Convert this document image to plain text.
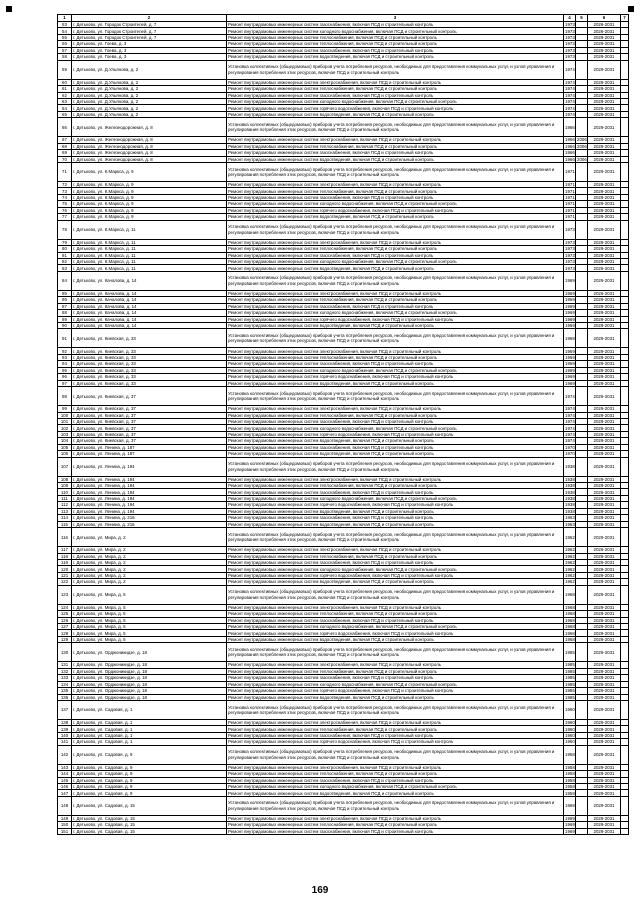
1	2	3	4	5	6	7
53	г. Детьково, ул. Городок Строителей, д. 7	Ремонт внутридомовых инженерных систем газоснабжения, включая ПСД и строительный контроль	1973		2026-2031	
54	г. Детьково, ул. Городок Строителей, д. 7	Ремонт внутридомовых инженерных систем холодного водоснабжения, включая ПСД и строительный контроль	1973		2026-2031	
55	г. Детьково, ул. Городок Строителей, д. 7	Ремонт внутридомовых инженерных систем теплоснабжения, включая ПСД и строительный контроль	1973		2029-2031	
56	г. Детьково, ул. Гоева, д. 3	Ремонт внутридомовых инженерных систем теплоснабжения, включая ПСД и строительный контроль	1973		2029-2031	
57	г. Детьково, ул. Гоева, д. 3	Ремонт внутридомовых инженерных систем газоснабжения, включая ПСД и строительный контроль	1973		2029-2031	
58	г. Детьково, ул. Гоева, д. 3	Ремонт внутридомовых инженерных систем водоотведения, включая ПСД и строительный контроль	1973		2029-2031	
59	г. Детьково, ул. Д.Ульянова, д. 2	Установка коллективных (общедомовых) приборов учета потребления ресурсов, необходимых для предоставления коммунальных услуг, и узлов управления и регулирования потребления этих ресурсов, включая ПСД и строительный контроль	1974		2029-2031	
60	г. Детьково, ул. Д.Ульянова, д. 2	Ремонт внутридомовых инженерных систем электроснабжения, включая ПСД и строительный контроль	1974		2029-2031	
61	г. Детьково, ул. Д.Ульянова, д. 2	Ремонт внутридомовых инженерных систем теплоснабжения, включая ПСД и строительный контроль	1974		2029-2031	
62	г. Детьково, ул. Д.Ульянова, д. 2	Ремонт внутридомовых инженерных систем газоснабжения, включая ПСД и строительный контроль	1974		2029-2031	
63	г. Детьково, ул. Д.Ульянова, д. 2	Ремонт внутридомовых инженерных систем холодного водоснабжения, включая ПСД и строительный контроль	1974		2029-2031	
64	г. Детьково, ул. Д.Ульянова, д. 2	Ремонт внутридомовых инженерных систем горячего водоснабжения, включая ПСД и строительный контроль	1974		2029-2031	
65	г. Детьково, ул. Д.Ульянова, д. 2	Ремонт внутридомовых инженерных систем водоотведения, включая ПСД и строительный контроль	1974		2029-2031	
66	г. Детьково, ул. Железнодорожная, д. 8	Установка коллективных (общедомовых) приборов учета потребления ресурсов, необходимых для предоставления коммунальных услуг, и узлов управления и регулирования потребления этих ресурсов, включая ПСД и строительный контроль	1966		2029-2031	
67	г. Детьково, ул. Железнодорожная, д. 8	Ремонт внутридомовых инженерных систем электроснабжения, включая ПСД и строительный контроль	1966	2006	2029-2031	
68	г. Детьково, ул. Железнодорожная, д. 8	Ремонт внутридомовых инженерных систем теплоснабжения, включая ПСД и строительный контроль	1966	2006	2029-2031	
69	г. Детьково, ул. Железнодорожная, д. 8	Ремонт внутридомовых инженерных систем газоснабжения, включая ПСД и строительный контроль	1966		2029-2031	
70	г. Детьково, ул. Железнодорожная, д. 8	Ремонт внутридомовых инженерных систем водоотведения, включая ПСД и строительный контроль	1966	2006	2029-2031	
71	г. Детьково, ул. К.Маркса, д. 9	Установка коллективных (общедомовых) приборов учета потребления ресурсов, необходимых для предоставления коммунальных услуг, и узлов управления и регулирования потребления этих ресурсов, включая ПСД и строительный контроль	1971		2029-2031	
72	г. Детьково, ул. К.Маркса, д. 9	Ремонт внутридомовых инженерных систем электроснабжения, включая ПСД и строительный контроль	1971		2029-2031	
73	г. Детьково, ул. К.Маркса, д. 9	Ремонт внутридомовых инженерных систем теплоснабжения, включая ПСД и строительный контроль	1971		2029-2031	
74	г. Детьково, ул. К.Маркса, д. 9	Ремонт внутридомовых инженерных систем газоснабжения, включая ПСД и строительный контроль	1971		2029-2031	
75	г. Детьково, ул. К.Маркса, д. 9	Ремонт внутридомовых инженерных систем холодного водоснабжения, включая ПСД и строительный контроль	1971		2029-2031	
76	г. Детьково, ул. К.Маркса, д. 9	Ремонт внутридомовых инженерных систем горячего водоснабжения, включая ПСД и строительный контроль	1971		2029-2031	
77	г. Детьково, ул. К.Маркса, д. 9	Ремонт внутридомовых инженерных систем водоотведения, включая ПСД и строительный контроль	1971		2029-2031	
78	г. Детьково, ул. К.Маркса, д. 11	Установка коллективных (общедомовых) приборов учета потребления ресурсов, необходимых для предоставления коммунальных услуг, и узлов управления и регулирования потребления этих ресурсов, включая ПСД и строительный контроль	1973		2029-2031	
79	г. Детьково, ул. К.Маркса, д. 11	Ремонт внутридомовых инженерных систем электроснабжения, включая ПСД и строительный контроль	1973		2029-2031	
80	г. Детьково, ул. К.Маркса, д. 11	Ремонт внутридомовых инженерных систем теплоснабжения, включая ПСД и строительный контроль	1973		2029-2031	
81	г. Детьково, ул. К.Маркса, д. 11	Ремонт внутридомовых инженерных систем газоснабжения, включая ПСД и строительный контроль	1973		2029-2031	
82	г. Детьково, ул. К.Маркса, д. 11	Ремонт внутридомовых инженерных систем холодного водоснабжения, включая ПСД и строительный контроль	1973		2029-2031	
83	г. Детьково, ул. К.Маркса, д. 11	Ремонт внутридомовых инженерных систем водоотведения, включая ПСД и строительный контроль	1973		2029-2031	
84	г. Детьково, ул. Качалова, д. 14	Установка коллективных (общедомовых) приборов учета потребления ресурсов, необходимых для предоставления коммунальных услуг, и узлов управления и регулирования потребления этих ресурсов, включая ПСД и строительный контроль	1969		2029-2031	
85	г. Детьково, ул. Качалова, д. 14	Ремонт внутридомовых инженерных систем электроснабжения, включая ПСД и строительный контроль	1969		2026-2031	
86	г. Детьково, ул. Качалова, д. 14	Ремонт внутридомовых инженерных систем теплоснабжения, включая ПСД и строительный контроль	1969		2029-2031	
87	г. Детьково, ул. Качалова, д. 14	Ремонт внутридомовых инженерных систем газоснабжения, включая ПСД и строительный контроль	1969		2029-2031	
88	г. Детьково, ул. Качалова, д. 14	Ремонт внутридомовых инженерных систем холодного водоснабжения, включая ПСД и строительный контроль	1969		2029-2031	
89	г. Детьково, ул. Качалова, д. 14	Ремонт внутридомовых инженерных систем горячего водоснабжения, включая ПСД и строительный контроль	1969		2029-2031	
90	г. Детьково, ул. Качалова, д. 14	Ремонт внутридомовых инженерных систем водоотведения, включая ПСД и строительный контроль	1969		2029-2031	
91	г. Детьково, ул. Киевская, д. 33	Установка коллективных (общедомовых) приборов учета потребления ресурсов, необходимых для предоставления коммунальных услуг, и узлов управления и регулирования потребления этих ресурсов, включая ПСД и строительный контроль	1969		2029-2031	
92	г. Детьково, ул. Киевская, д. 33	Ремонт внутридомовых инженерных систем электроснабжения, включая ПСД и строительный контроль	1969		2029-2031	
93	г. Детьково, ул. Киевская, д. 33	Ремонт внутридомовых инженерных систем теплоснабжения, включая ПСД и строительный контроль	1969		2029-2031	
94	г. Детьково, ул. Киевская, д. 33	Ремонт внутридомовых инженерных систем газоснабжения, включая ПСД и строительный контроль	1969		2029-2031	
95	г. Детьково, ул. Киевская, д. 33	Ремонт внутридомовых инженерных систем холодного водоснабжения, включая ПСД и строительный контроль	1969		2029-2031	
96	г. Детьково, ул. Киевская, д. 33	Ремонт внутридомовых инженерных систем горячего водоснабжения, включая ПСД и строительный контроль	1969		2029-2031	
97	г. Детьково, ул. Киевская, д. 33	Ремонт внутридомовых инженерных систем водоотведения, включая ПСД и строительный контроль	1969		2029-2031	
98	г. Детьково, ул. Киевская, д. 37	Установка коллективных (общедомовых) приборов учета потребления ресурсов, необходимых для предоставления коммунальных услуг, и узлов управления и регулирования потребления этих ресурсов, включая ПСД и строительный контроль	1974		2029-2031	
99	г. Детьково, ул. Киевская, д. 37	Ремонт внутридомовых инженерных систем электроснабжения, включая ПСД и строительный контроль	1974		2029-2031	
100	г. Детьково, ул. Киевская, д. 37	Ремонт внутридомовых инженерных систем теплоснабжения, включая ПСД и строительный контроль	1974		2029-2031	
101	г. Детьково, ул. Киевская, д. 37	Ремонт внутридомовых инженерных систем газоснабжения, включая ПСД и строительный контроль	1974		2029-2031	
102	г. Детьково, ул. Киевская, д. 37	Ремонт внутридомовых инженерных систем холодного водоснабжения, включая ПСД и строительный контроль	1974		2029-2031	
103	г. Детьково, ул. Киевская, д. 37	Ремонт внутридомовых инженерных систем горячего водоснабжения, включая ПСД и строительный контроль	1974		2029-2031	
104	г. Детьково, ул. Киевская, д. 37	Ремонт внутридомовых инженерных систем водоотведения, включая ПСД и строительный контроль	1974		2029-2031	
105	г. Детьково, ул. Ленина, д. 187	Ремонт внутридомовых инженерных систем газоснабжения, включая ПСД и строительный контроль	1970		2029-2031	
106	г. Детьково, ул. Ленина, д. 187	Ремонт внутридомовых инженерных систем водоотведения, включая ПСД и строительный контроль	1970		2029-2031	
107	г. Детьково, ул. Ленина, д. 194	Установка коллективных (общедомовых) приборов учета потребления ресурсов, необходимых для предоставления коммунальных услуг, и узлов управления и регулирования потребления этих ресурсов, включая ПСД и строительный контроль	1938		2029-2031	
108	г. Детьково, ул. Ленина, д. 194	Ремонт внутридомовых инженерных систем электроснабжения, включая ПСД и строительный контроль	1938		2029-2031	
109	г. Детьково, ул. Ленина, д. 194	Ремонт внутридомовых инженерных систем теплоснабжения, включая ПСД и строительный контроль	1938		2029-2031	
110	г. Детьково, ул. Ленина, д. 194	Ремонт внутридомовых инженерных систем газоснабжения, включая ПСД и строительный контроль	1938		2029-2031	
111	г. Детьково, ул. Ленина, д. 194	Ремонт внутридомовых инженерных систем холодного водоснабжения, включая ПСД и строительный контроль	1938		2029-2031	
112	г. Детьково, ул. Ленина, д. 194	Ремонт внутридомовых инженерных систем горячего водоснабжения, включая ПСД и строительный контроль	1938		2029-2031	
113	г. Детьково, ул. Ленина, д. 194	Ремонт внутридомовых инженерных систем водоотведения, включая ПСД и строительный контроль	1938		2029-2031	
114	г. Детьково, ул. Ленина, д. 216	Ремонт внутридомовых инженерных систем газоснабжения, включая ПСД и строительный контроль	1963		2029-2031	
115	г. Детьково, ул. Ленина, д. 216	Ремонт внутридомовых инженерных систем водоотведения, включая ПСД и строительный контроль	1963		2029-2031	
116	г. Детьково, ул. Мира, д. 2	Установка коллективных (общедомовых) приборов учета потребления ресурсов, необходимых для предоставления коммунальных услуг, и узлов управления и регулирования потребления этих ресурсов, включая ПСД и строительный контроль	1962		2029-2031	
117	г. Детьково, ул. Мира, д. 2	Ремонт внутридомовых инженерных систем электроснабжения, включая ПСД и строительный контроль	1962		2026-2031	
118	г. Детьково, ул. Мира, д. 2	Ремонт внутридомовых инженерных систем теплоснабжения, включая ПСД и строительный контроль	1962		2029-2031	
119	г. Детьково, ул. Мира, д. 2	Ремонт внутридомовых инженерных систем газоснабжения, включая ПСД и строительный контроль	1962		2029-2031	
120	г. Детьково, ул. Мира, д. 2	Ремонт внутридомовых инженерных систем холодного водоснабжения, включая ПСД и строительный контроль	1962		2029-2031	
121	г. Детьково, ул. Мира, д. 2	Ремонт внутридомовых инженерных систем горячего водоснабжения, включая ПСД и строительный контроль	1962		2029-2031	
122	г. Детьково, ул. Мира, д. 2	Ремонт внутридомовых инженерных систем водоотведения, включая ПСД и строительный контроль	1962		2029-2031	
123	г. Детьково, ул. Мира, д. 5	Установка коллективных (общедомовых) приборов учета потребления ресурсов, необходимых для предоставления коммунальных услуг, и узлов управления и регулирования потребления этих ресурсов, включая ПСД и строительный контроль	1968		2029-2031	
124	г. Детьково, ул. Мира, д. 5	Ремонт внутридомовых инженерных систем электроснабжения, включая ПСД и строительный контроль	1968		2029-2031	
125	г. Детьково, ул. Мира, д. 5	Ремонт внутридомовых инженерных систем теплоснабжения, включая ПСД и строительный контроль	1968		2029-2031	
126	г. Детьково, ул. Мира, д. 5	Ремонт внутридомовых инженерных систем газоснабжения, включая ПСД и строительный контроль	1968		2029-2031	
127	г. Детьково, ул. Мира, д. 5	Ремонт внутридомовых инженерных систем холодного водоснабжения, включая ПСД и строительный контроль	1968		2029-2031	
128	г. Детьково, ул. Мира, д. 5	Ремонт внутридомовых инженерных систем горячего водоснабжения, включая ПСД и строительный контроль	1968		2029-2031	
129	г. Детьково, ул. Мира, д. 5	Ремонт внутридомовых инженерных систем водоотведения, включая ПСД и строительный контроль	1968		2029-2031	
130	г. Детьково, ул. Орджоникидзе, д. 18	Установка коллективных (общедомовых) приборов учета потребления ресурсов, необходимых для предоставления коммунальных услуг, и узлов управления и регулирования потребления этих ресурсов, включая ПСД и строительный контроль	1985		2029-2031	
131	г. Детьково, ул. Орджоникидзе, д. 18	Ремонт внутридомовых инженерных систем электроснабжения, включая ПСД и строительный контроль	1985		2029-2031	
132	г. Детьково, ул. Орджоникидзе, д. 18	Ремонт внутридомовых инженерных систем теплоснабжения, включая ПСД и строительный контроль	1985		2029-2031	
133	г. Детьково, ул. Орджоникидзе, д. 18	Ремонт внутридомовых инженерных систем газоснабжения, включая ПСД и строительный контроль	1985		2029-2031	
134	г. Детьково, ул. Орджоникидзе, д. 18	Ремонт внутридомовых инженерных систем холодного водоснабжения, включая ПСД и строительный контроль	1985		2029-2031	
135	г. Детьково, ул. Орджоникидзе, д. 18	Ремонт внутридомовых инженерных систем горячего водоснабжения, включая ПСД и строительный контроль	1985		2029-2031	
136	г. Детьково, ул. Орджоникидзе, д. 18	Ремонт внутридомовых инженерных систем водоотведения, включая ПСД и строительный контроль	1985		2029-2031	
137	г. Детьково, ул. Садовая, д. 1	Установка коллективных (общедомовых) приборов учета потребления ресурсов, необходимых для предоставления коммунальных услуг, и узлов управления и регулирования потребления этих ресурсов, включая ПСД и строительный контроль	1960		2029-2031	
138	г. Детьково, ул. Садовая, д. 1	Ремонт внутридомовых инженерных систем электроснабжения, включая ПСД и строительный контроль	1960		2029-2031	
139	г. Детьково, ул. Садовая, д. 1	Ремонт внутридомовых инженерных систем теплоснабжения, включая ПСД и строительный контроль	1960		2029-2031	
140	г. Детьково, ул. Садовая, д. 1	Ремонт внутридомовых инженерных систем газоснабжения, включая ПСД и строительный контроль	1960		2029-2031	
141	г. Детьково, ул. Садовая, д. 1	Ремонт внутридомовых инженерных систем горячего водоснабжения, включая ПСД и строительный контроль	1960		2029-2031	
142	г. Детьково, ул. Садовая, д. 9	Установка коллективных (общедомовых) приборов учета потребления ресурсов, необходимых для предоставления коммунальных услуг, и узлов управления и регулирования потребления этих ресурсов, включая ПСД и строительный контроль	1958		2029-2031	
143	г. Детьково, ул. Садовая, д. 9	Ремонт внутридомовых инженерных систем электроснабжения, включая ПСД и строительный контроль	1958		2029-2031	
144	г. Детьково, ул. Садовая, д. 9	Ремонт внутридомовых инженерных систем теплоснабжения, включая ПСД и строительный контроль	1958		2029-2031	
145	г. Детьково, ул. Садовая, д. 9	Ремонт внутридомовых инженерных систем газоснабжения, включая ПСД и строительный контроль	1958		2029-2031	
146	г. Детьково, ул. Садовая, д. 9	Ремонт внутридомовых инженерных систем холодного водоснабжения, включая ПСД и строительный контроль	1958		2029-2031	
147	г. Детьково, ул. Садовая, д. 9	Ремонт внутридомовых инженерных систем водоотведения, включая ПСД и строительный контроль	1958		2029-2031	
148	г. Детьково, ул. Садовая, д. 15	Установка коллективных (общедомовых) приборов учета потребления ресурсов, необходимых для предоставления коммунальных услуг, и узлов управления и регулирования потребления этих ресурсов, включая ПСД и строительный контроль	1969		2029-2031	
149	г. Детьково, ул. Садовая, д. 15	Ремонт внутридомовых инженерных систем электроснабжения, включая ПСД и строительный контроль	1969		2029-2031	
150	г. Детьково, ул. Садовая, д. 15	Ремонт внутридомовых инженерных систем теплоснабжения, включая ПСД и строительный контроль	1969		2029-2031	
151	г. Детьково, ул. Садовая, д. 15	Ремонт внутридомовых инженерных систем газоснабжения, включая ПСД и строительный контроль	1969		2029-2031	
169
